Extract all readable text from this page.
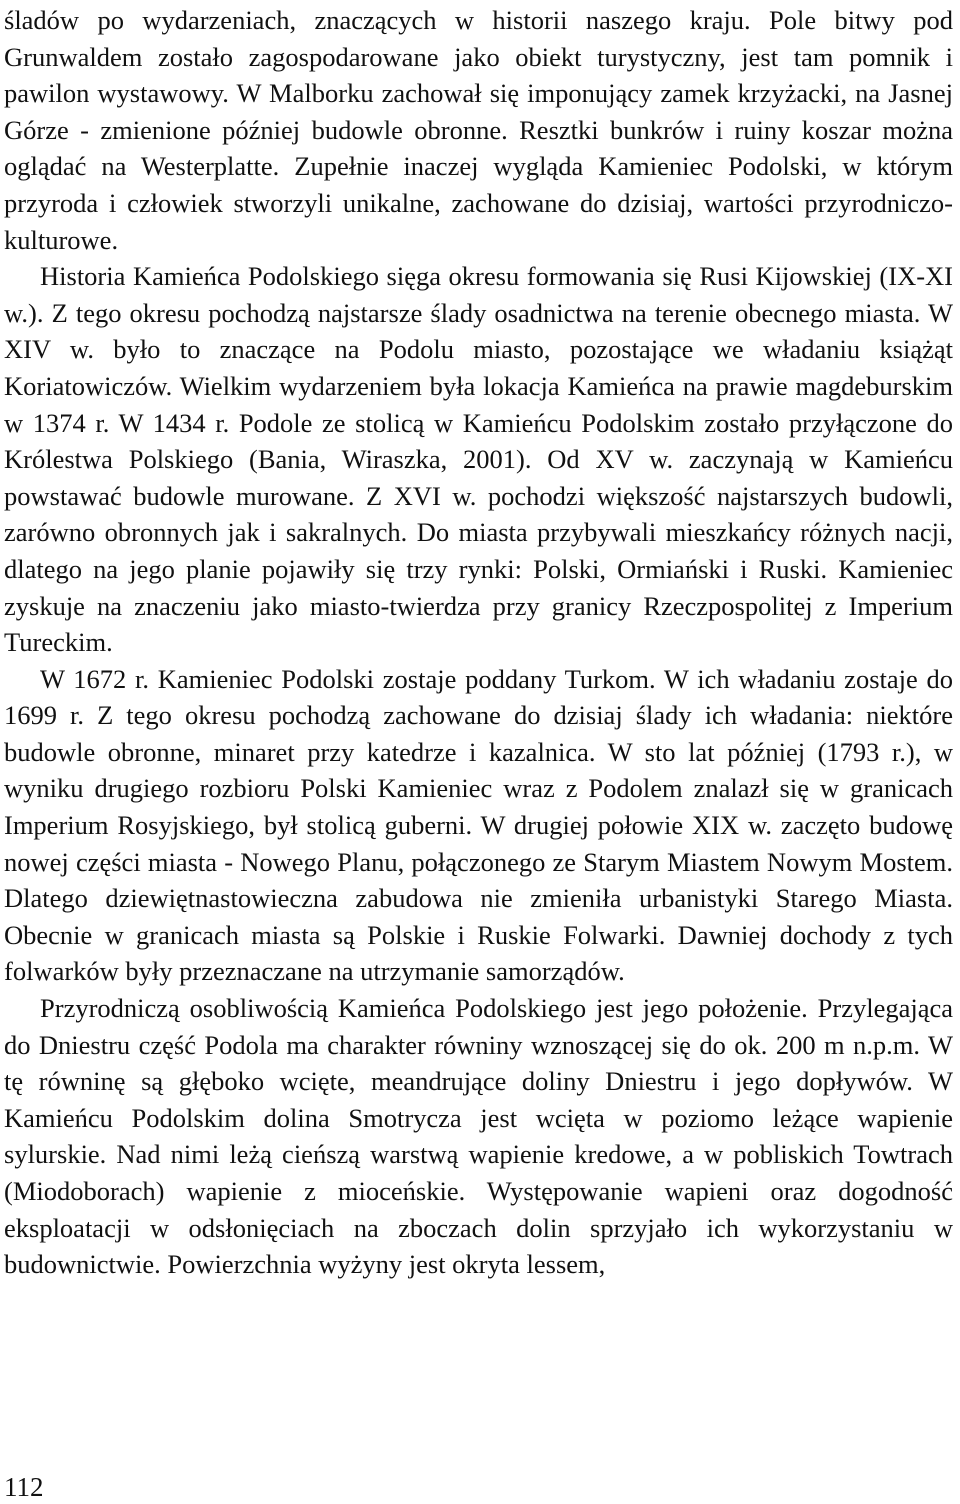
śladów po wydarzeniach, znaczących w historii naszego kraju. Pole bitwy pod Grunwaldem zostało zagospodarowane jako obiekt turystyczny, jest tam pomnik i pawilon wystawowy. W Malborku zachował się imponujący zamek krzyżacki, na Jasnej Górze - zmienione później budowle obronne. Resztki bunkrów i ruiny koszar można oglądać na Westerplatte. Zupełnie inaczej wygląda Kamieniec Podolski, w którym przyroda i człowiek stworzyli unikalne, zachowane do dzisiaj, wartości przyrodniczo-kulturowe.

Historia Kamieńca Podolskiego sięga okresu formowania się Rusi Kijowskiej (IX-XI w.). Z tego okresu pochodzą najstarsze ślady osadnictwa na terenie obecnego miasta. W XIV w. było to znaczące na Podolu miasto, pozostające we władaniu książąt Koriatowiczów. Wielkim wydarzeniem była lokacja Kamieńca na prawie magdeburskim w 1374 r. W 1434 r. Podole ze stolicą w Kamieńcu Podolskim zostało przyłączone do Królestwa Polskiego (Bania, Wiraszka, 2001). Od XV w. zaczynają w Kamieńcu powstawać budowle murowane. Z XVI w. pochodzi większość najstarszych budowli, zarówno obronnych jak i sakralnych. Do miasta przybywali mieszkańcy różnych nacji, dlatego na jego planie pojawiły się trzy rynki: Polski, Ormiański i Ruski. Kamieniec zyskuje na znaczeniu jako miasto-twierdza przy granicy Rzeczpospolitej z Imperium Tureckim.

W 1672 r. Kamieniec Podolski zostaje poddany Turkom. W ich władaniu zostaje do 1699 r. Z tego okresu pochodzą zachowane do dzisiaj ślady ich władania: niektóre budowle obronne, minaret przy katedrze i kazalnica. W sto lat później (1793 r.), w wyniku drugiego rozbioru Polski Kamieniec wraz z Podolem znalazł się w granicach Imperium Rosyjskiego, był stolicą guberni. W drugiej połowie XIX w. zaczęto budowę nowej części miasta - Nowego Planu, połączonego ze Starym Miastem Nowym Mostem. Dlatego dziewiętnastowieczna zabudowa nie zmieniła urbanistyki Starego Miasta. Obecnie w granicach miasta są Polskie i Ruskie Folwarki. Dawniej dochody z tych folwarków były przeznaczane na utrzymanie samorządów.

Przyrodniczą osobliwością Kamieńca Podolskiego jest jego położenie. Przylegająca do Dniestru część Podola ma charakter równiny wznoszącej się do ok. 200 m n.p.m. W tę równinę są głęboko wcięte, meandrujące doliny Dniestru i jego dopływów. W Kamieńcu Podolskim dolina Smotrycza jest wcięta w poziomo leżące wapienie sylurskie. Nad nimi leżą cieńszą warstwą wapienie kredowe, a w pobliskich Towtrach (Miodoborach) wapienie z mioceńskie. Występowanie wapieni oraz dogodność eksploatacji w odsłonięciach na zboczach dolin sprzyjało ich wykorzystaniu w budownictwie. Powierzchnia wyżyny jest okryta lessem,

112
